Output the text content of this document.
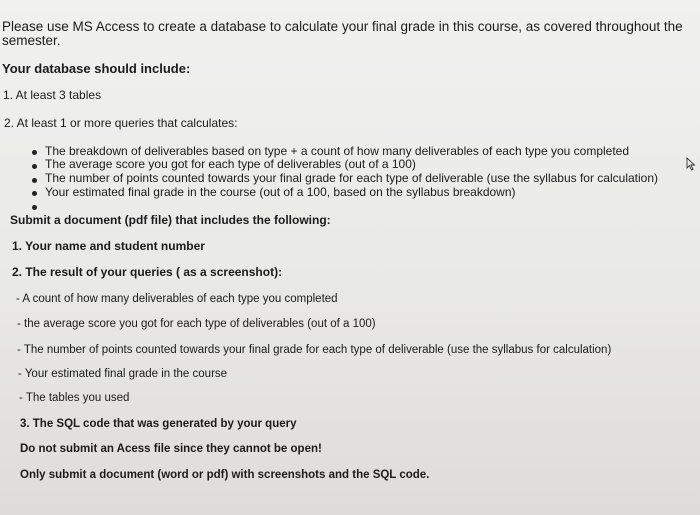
Please use MS Access to create a database to calculate your final grade in this course, as covered throughout the
semester.
Your database should include:
1. At least 3 tables
2. At least 1 or more queries that calculates:
The breakdown of deliverables based on type + a count of how many deliverables of each type you completed
The average score you got for each type of deliverables (out of a 100)
The number of points counted towards your final grade for each type of deliverable (use the syllabus for calculation)
Your estimated final grade in the course (out of a 100, based on the syllabus breakdown)
Submit a document (pdf file) that includes the following:
1. Your name and student number
2. The result of your queries ( as a screenshot):
- A count of how many deliverables of each type you completed
- the average score you got for each type of deliverables (out of a 100)
- The number of points counted towards your final grade for each type of deliverable (use the syllabus for calculation)
- Your estimated final grade in the course
- The tables you used
3. The SQL code that was generated by your query
Do not submit an Acess file since they cannot be open!
Only submit a document (word or pdf) with screenshots and the SQL code.
